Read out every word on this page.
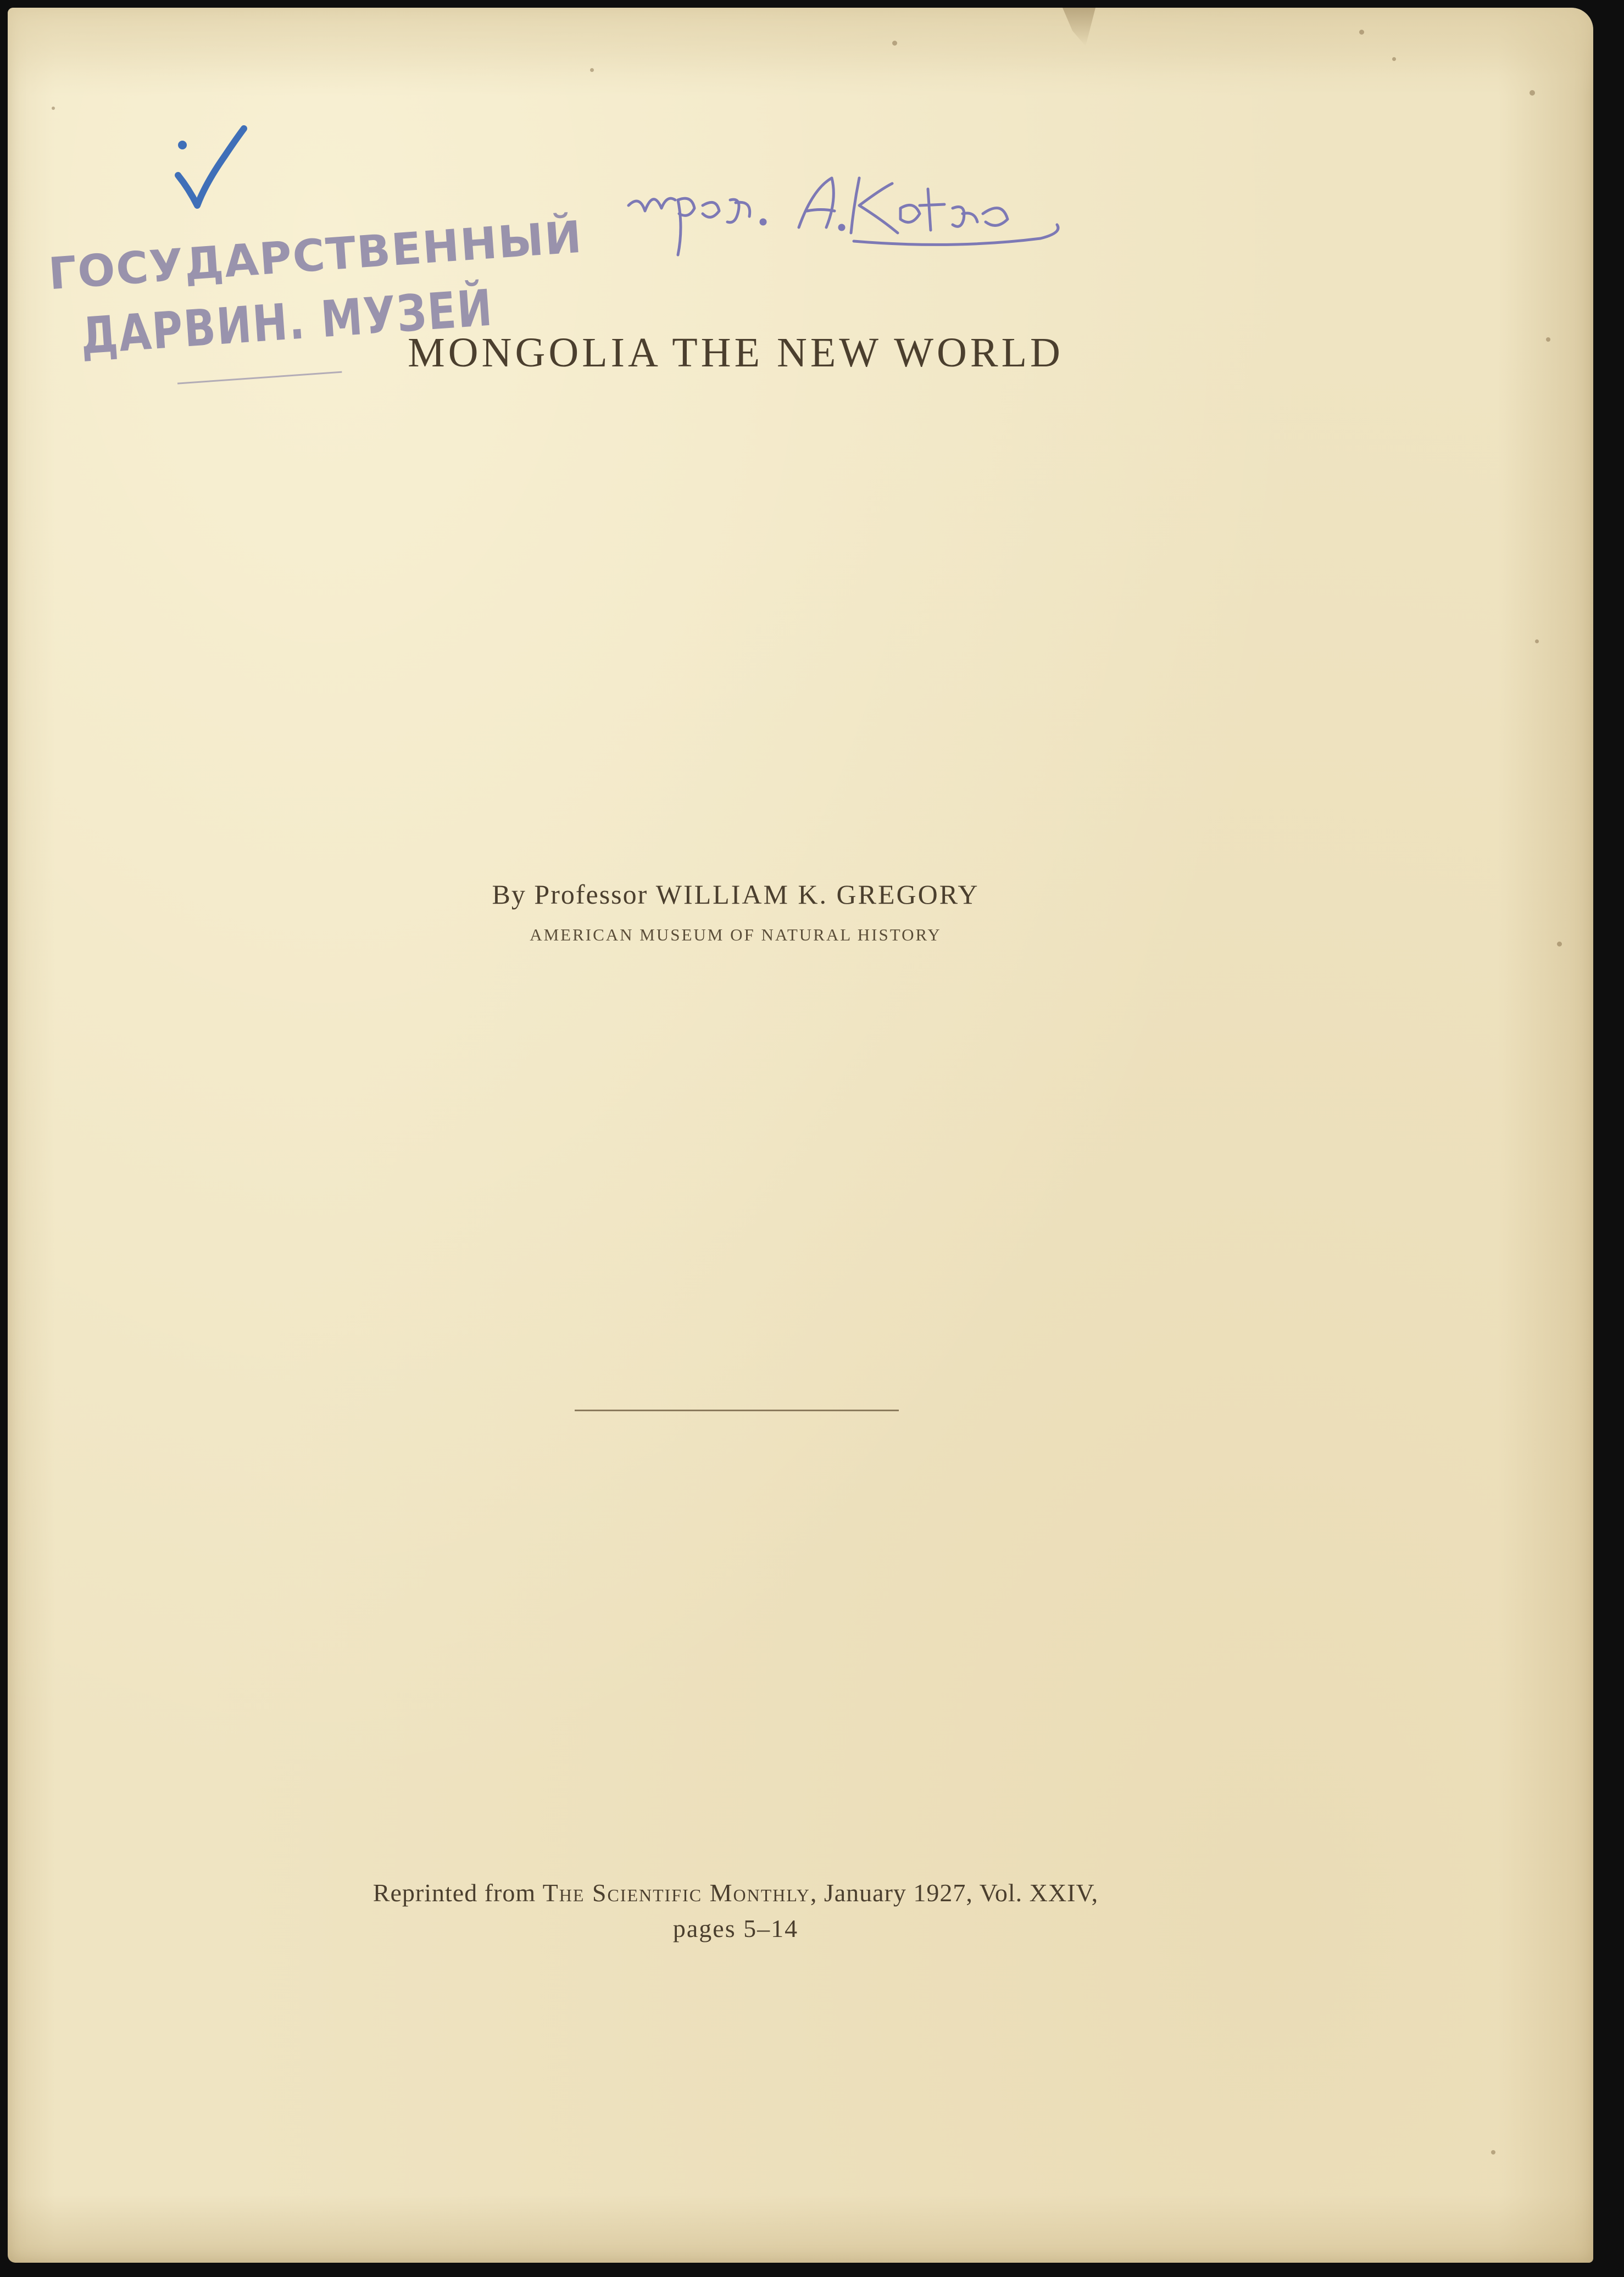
ГОСУДАРСТВЕННЫЙ
ДАРВИН. МУЗЕЙ
MONGOLIA THE NEW WORLD
By Professor WILLIAM K. GREGORY
AMERICAN MUSEUM OF NATURAL HISTORY
Reprinted from The Scientific Monthly, January 1927, Vol. XXIV,
pages 5–14
